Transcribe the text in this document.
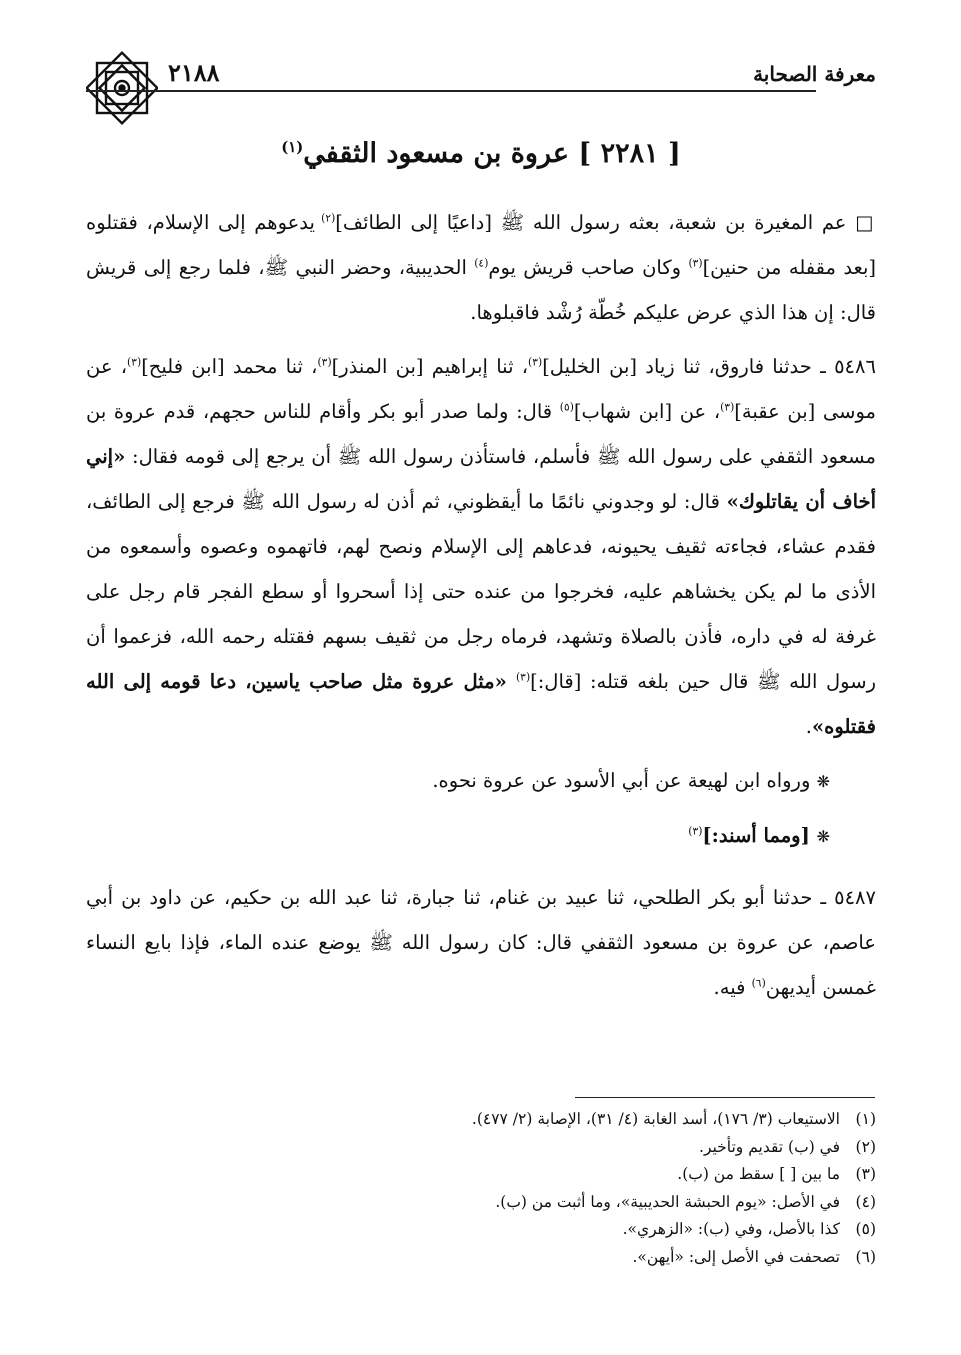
٢١٨٨	معرفة الصحابة
[ ٢٢٨١ ] عروة بن مسعود الثقفي$^{(١)}$

□ عم المغيرة بن شعبة، بعثه رسول الله ﷺ [داعيًا إلى الطائف]$^{(٢)}$ يدعوهم إلى الإسلام، فقتلوه [بعد مقفله من حنين]$^{(٣)}$ وكان صاحب قريش يوم$^{(٤)}$ الحديبية، وحضر النبي ﷺ، فلما رجع إلى قريش قال: إن هذا الذي عرض عليكم خُطّة رُشْد فاقبلوها.

٥٤٨٦ ـ حدثنا فاروق، ثنا زياد [بن الخليل]$^{(٣)}$، ثنا إبراهيم [بن المنذر]$^{(٣)}$، ثنا محمد [ابن فليح]$^{(٣)}$، عن موسى [بن عقبة]$^{(٣)}$، عن [ابن شهاب]$^{(٥)}$ قال: ولما صدر أبو بكر وأقام للناس حجهم، قدم عروة بن مسعود الثقفي على رسول الله ﷺ فأسلم، فاستأذن رسول الله ﷺ أن يرجع إلى قومه فقال: «إني أخاف أن يقاتلوك» قال: لو وجدوني نائمًا ما أيقظوني، ثم أذن له رسول الله ﷺ فرجع إلى الطائف، فقدم عشاء، فجاءته ثقيف يحيونه، فدعاهم إلى الإسلام ونصح لهم، فاتهموه وعصوه وأسمعوه من الأذى ما لم يكن يخشاهم عليه، فخرجوا من عنده حتى إذا أسحروا أو سطع الفجر قام رجل على غرفة له في داره، فأذن بالصلاة وتشهد، فرماه رجل من ثقيف بسهم فقتله رحمه الله، فزعموا أن رسول الله ﷺ قال حين بلغه قتله: [قال:]$^{(٣)}$ «مثل عروة مثل صاحب ياسين، دعا قومه إلى الله فقتلوه».

❋ ورواه ابن لهيعة عن أبي الأسود عن عروة نحوه.

❋ [ومما أسند:]$^{(٣)}$

٥٤٨٧ ـ حدثنا أبو بكر الطلحي، ثنا عبيد بن غنام، ثنا جبارة، ثنا عبد الله بن حكيم، عن داود بن أبي عاصم، عن عروة بن مسعود الثقفي قال: كان رسول الله ﷺ يوضع عنده الماء، فإذا بايع النساء غمسن أيديهن$^{(٦)}$ فيه.

(١)الاستيعاب (٣/ ١٧٦)، أسد الغابة (٤/ ٣١)، الإصابة (٢/ ٤٧٧).
(٢)في (ب) تقديم وتأخير.
(٣)ما بين [ ] سقط من (ب).
(٤)في الأصل: «يوم الحبشة الحديبية»، وما أثبت من (ب).
(٥)كذا بالأصل، وفي (ب): «الزهري».
(٦)تصحفت في الأصل إلى: «أيهن».
